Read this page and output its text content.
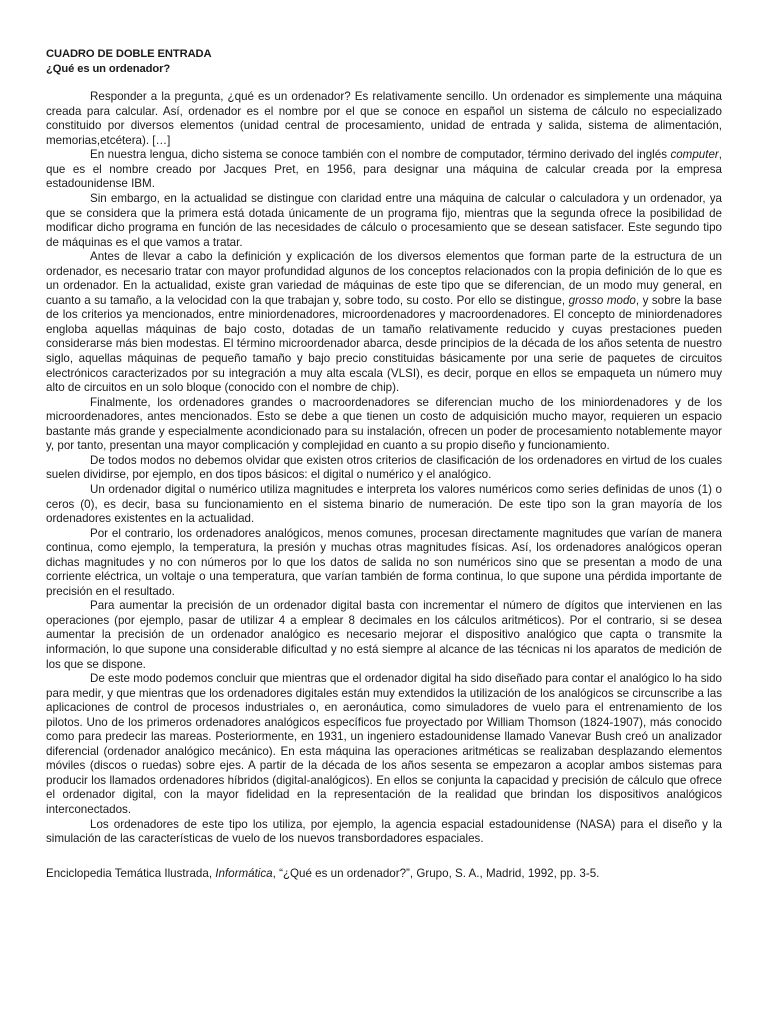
CUADRO DE DOBLE ENTRADA
¿Qué es un ordenador?

Responder a la pregunta, ¿qué es un ordenador? Es relativamente sencillo. Un ordenador es simplemente una máquina creada para calcular. Así, ordenador es el nombre por el que se conoce en español un sistema de cálculo no especializado constituido por diversos elementos (unidad central de procesamiento, unidad de entrada y salida, sistema de alimentación, memorias,etcétera). […]

En nuestra lengua, dicho sistema se conoce también con el nombre de computador, término derivado del inglés computer, que es el nombre creado por Jacques Pret, en 1956, para designar una máquina de calcular creada por la empresa estadounidense IBM.

Sin embargo, en la actualidad se distingue con claridad entre una máquina de calcular o calculadora y un ordenador, ya que se considera que la primera está dotada únicamente de un programa fijo, mientras que la segunda ofrece la posibilidad de modificar dicho programa en función de las necesidades de cálculo o procesamiento que se desean satisfacer. Este segundo tipo de máquinas es el que vamos a tratar.

Antes de llevar a cabo la definición y explicación de los diversos elementos que forman parte de la estructura de un ordenador, es necesario tratar con mayor profundidad algunos de los conceptos relacionados con la propia definición de lo que es un ordenador. En la actualidad, existe gran variedad de máquinas de este tipo que se diferencian, de un modo muy general, en cuanto a su tamaño, a la velocidad con la que trabajan y, sobre todo, su costo. Por ello se distingue, grosso modo, y sobre la base de los criterios ya mencionados, entre miniordenadores, microordenadores y macroordenadores. El concepto de miniordenadores engloba aquellas máquinas de bajo costo, dotadas de un tamaño relativamente reducido y cuyas prestaciones pueden considerarse más bien modestas. El término microordenador abarca, desde principios de la década de los años setenta de nuestro siglo, aquellas máquinas de pequeño tamaño y bajo precio constituidas básicamente por una serie de paquetes de circuitos electrónicos caracterizados por su integración a muy alta escala (VLSI), es decir, porque en ellos se empaqueta un número muy alto de circuitos en un solo bloque (conocido con el nombre de chip).

Finalmente, los ordenadores grandes o macroordenadores se diferencian mucho de los miniordenadores y de los microordenadores, antes mencionados. Esto se debe a que tienen un costo de adquisición mucho mayor, requieren un espacio bastante más grande y especialmente acondicionado para su instalación, ofrecen un poder de procesamiento notablemente mayor y, por tanto, presentan una mayor complicación y complejidad en cuanto a su propio diseño y funcionamiento.

De todos modos no debemos olvidar que existen otros criterios de clasificación de los ordenadores en virtud de los cuales suelen dividirse, por ejemplo, en dos tipos básicos: el digital o numérico y el analógico.

Un ordenador digital o numérico utiliza magnitudes e interpreta los valores numéricos como series definidas de unos (1) o ceros (0), es decir, basa su funcionamiento en el sistema binario de numeración. De este tipo son la gran mayoría de los ordenadores existentes en la actualidad.

Por el contrario, los ordenadores analógicos, menos comunes, procesan directamente magnitudes que varían de manera continua, como ejemplo, la temperatura, la presión y muchas otras magnitudes físicas. Así, los ordenadores analógicos operan dichas magnitudes y no con números por lo que los datos de salida no son numéricos sino que se presentan a modo de una corriente eléctrica, un voltaje o una temperatura, que varían también de forma continua, lo que supone una pérdida importante de precisión en el resultado.

Para aumentar la precisión de un ordenador digital basta con incrementar el número de dígitos que intervienen en las operaciones (por ejemplo, pasar de utilizar 4 a emplear 8 decimales en los cálculos aritméticos). Por el contrario, si se desea aumentar la precisión de un ordenador analógico es necesario mejorar el dispositivo analógico que capta o transmite la información, lo que supone una considerable dificultad y no está siempre al alcance de las técnicas ni los aparatos de medición de los que se dispone.

De este modo podemos concluir que mientras que el ordenador digital ha sido diseñado para contar el analógico lo ha sido para medir, y que mientras que los ordenadores digitales están muy extendidos la utilización de los analógicos se circunscribe a las aplicaciones de control de procesos industriales o, en aeronáutica, como simuladores de vuelo para el entrenamiento de los pilotos. Uno de los primeros ordenadores analógicos específicos fue proyectado por William Thomson (1824-1907), más conocido como para predecir las mareas. Posteriormente, en 1931, un ingeniero estadounidense llamado Vanevar Bush creó un analizador diferencial (ordenador analógico mecánico). En esta máquina las operaciones aritméticas se realizaban desplazando elementos móviles (discos o ruedas) sobre ejes. A partir de la década de los años sesenta se empezaron a acoplar ambos sistemas para producir los llamados ordenadores híbridos (digital-analógicos). En ellos se conjunta la capacidad y precisión de cálculo que ofrece el ordenador digital, con la mayor fidelidad en la representación de la realidad que brindan los dispositivos analógicos interconectados.

Los ordenadores de este tipo los utiliza, por ejemplo, la agencia espacial estadounidense (NASA) para el diseño y la simulación de las características de vuelo de los nuevos transbordadores espaciales.

Enciclopedia Temática Ilustrada, Informática, “¿Qué es un ordenador?”, Grupo, S. A., Madrid, 1992, pp. 3-5.
